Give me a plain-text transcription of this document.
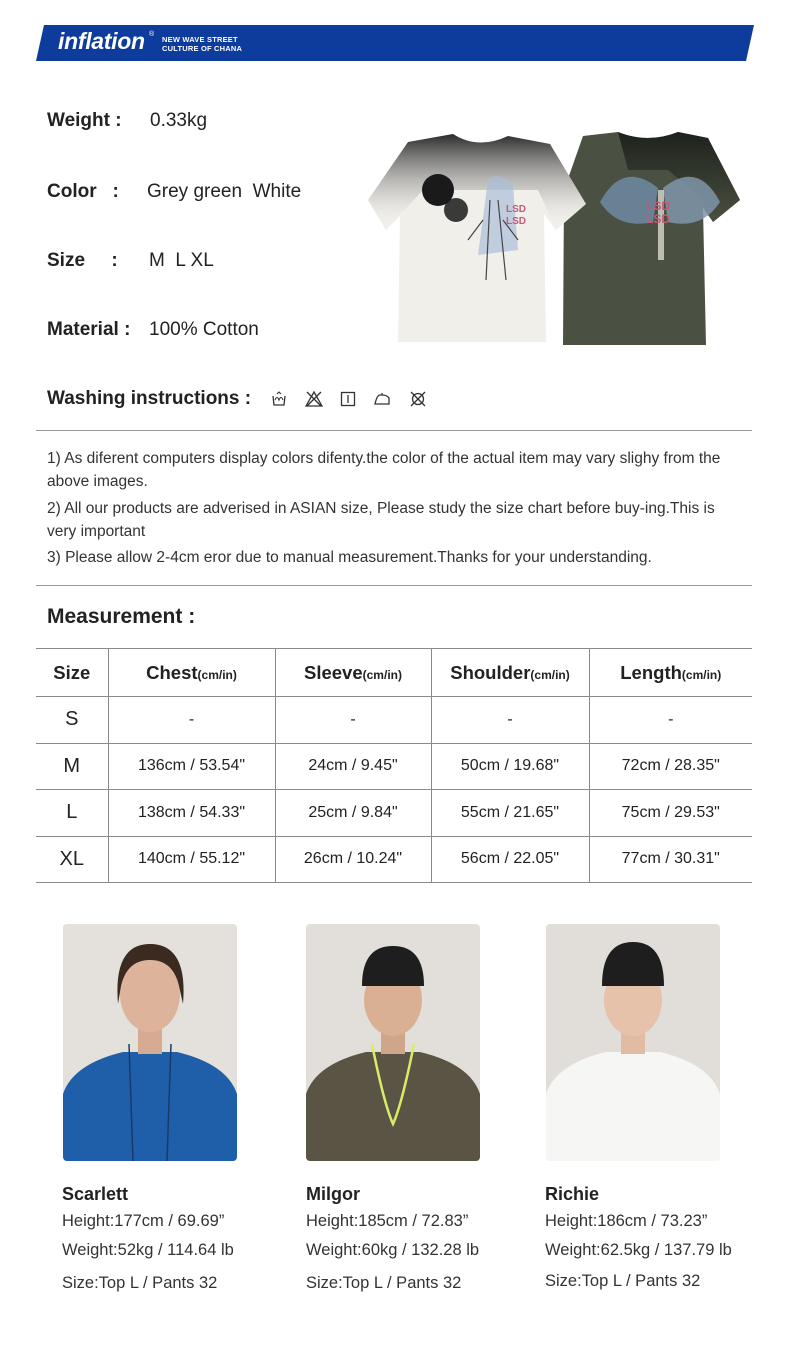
inflation ®
NEW WAVE STREET
CULTURE OF CHANA
Weight : 0.33kg
Color   : Grey green  White
Size     : M  L XL
Material : 100% Cotton
LSD
LSD
LSD
LSD
Washing instructions :
1) As diferent computers display colors difenty.the color of the actual item may vary slighy from the above images.
2) All our products are adverised in ASIAN size, Please study the size chart before buy-ing.This is very important
3) Please allow 2-4cm eror due to manual measurement.Thanks for your understanding.
Measurement :
Size	Chest(cm/in)	Sleeve(cm/in)	Shoulder(cm/in)	Length(cm/in)
S	-	-	-	-
M	136cm / 53.54"	24cm / 9.45"	50cm / 19.68"	72cm / 28.35"
L	138cm / 54.33"	25cm / 9.84"	55cm / 21.65"	75cm / 29.53"
XL	140cm / 55.12"	26cm / 10.24"	56cm / 22.05"	77cm / 30.31"
Scarlett
Height:177cm / 69.69”
Weight:52kg / 114.64 lb
Size:Top L / Pants 32
Milgor
Height:185cm / 72.83”
Weight:60kg / 132.28 lb
Size:Top L / Pants 32
Richie
Height:186cm / 73.23”
Weight:62.5kg / 137.79 lb
Size:Top L / Pants 32
